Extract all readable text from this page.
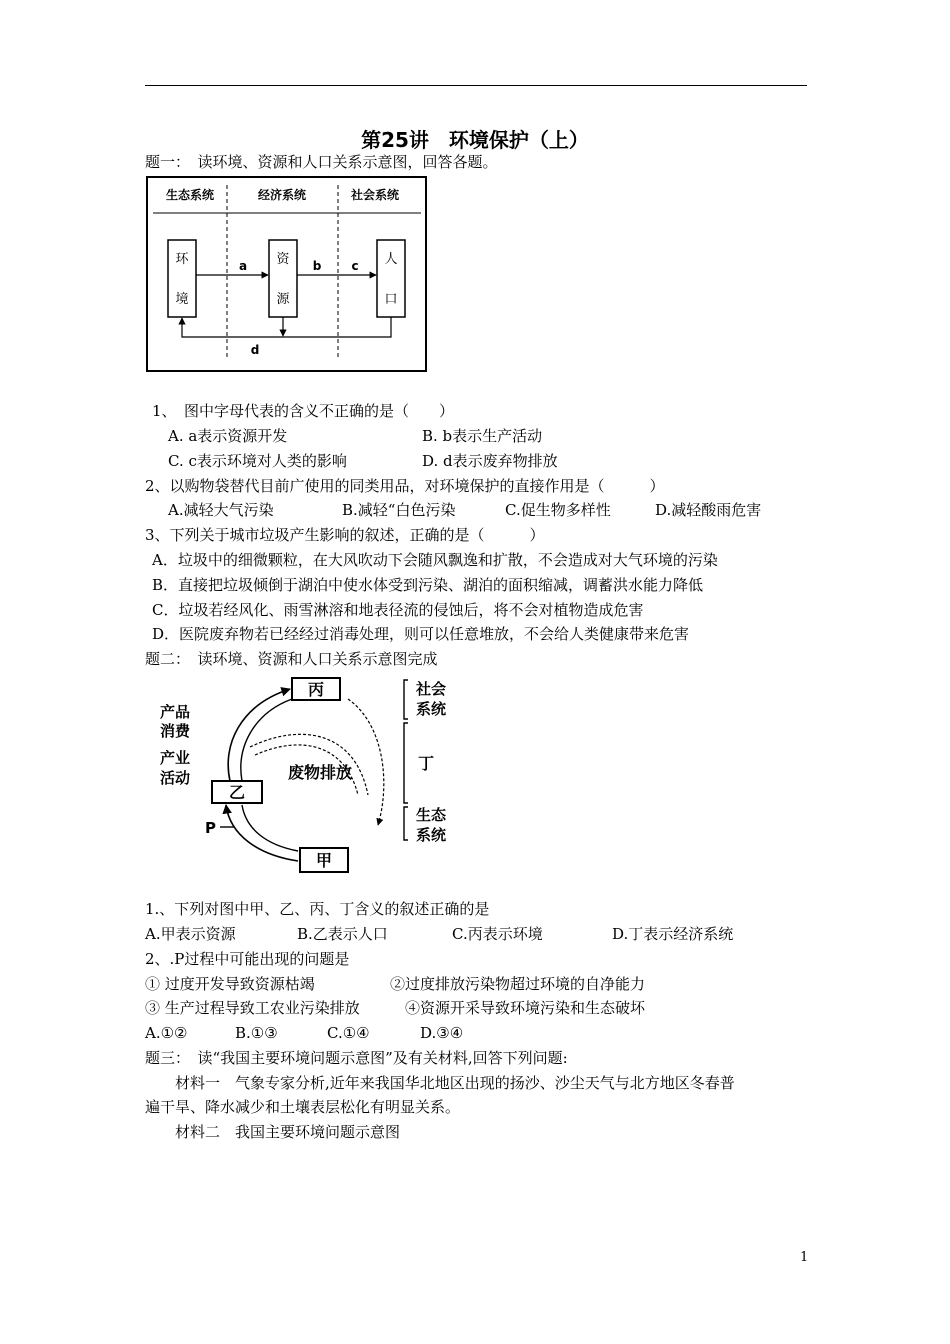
第25讲　环境保护（上）
题一：　读环境、资源和人口关系示意图，回答各题。
生态系统	经济系统	社会系统
环
境
资
源
人
口
a	b	c
d
1、　图中字母代表的含义不正确的是（　　）
A. a表示资源开发	B. b表示生产活动
C. c表示环境对人类的影响	D. d表示废弃物排放
2、以购物袋替代目前广使用的同类用品，对环境保护的直接作用是（　　　）
A.减轻大气污染	B.减轻“白色污染	C.促生物多样性	D.减轻酸雨危害
3、下列关于城市垃圾产生影响的叙述，正确的是（　　　）
A．垃圾中的细微颗粒，在大风吹动下会随风飘逸和扩散，不会造成对大气环境的污染
B．直接把垃圾倾倒于湖泊中使水体受到污染、湖泊的面积缩减，调蓄洪水能力降低
C．垃圾若经风化、雨雪淋溶和地表径流的侵蚀后，将不会对植物造成危害
D．医院废弃物若已经经过消毒处理，则可以任意堆放，不会给人类健康带来危害
题二：　读环境、资源和人口关系示意图完成
丙
乙
甲
P
产品
消费
产业
活动	废物排放
社会
系统
丁
生态
系统
1.、下列对图中甲、乙、丙、丁含义的叙述正确的是
A.甲表示资源	B.乙表示人口	C.丙表示环境	D.丁表示经济系统
2、.P过程中可能出现的问题是
① 过度开发导致资源枯竭	②过度排放污染物超过环境的自净能力
③ 生产过程导致工农业污染排放	④资源开采导致环境污染和生态破坏
A.①②	B.①③	C.①④	D.③④
题三：　读“我国主要环境问题示意图”及有关材料,回答下列问题:
材料一　气象专家分析,近年来我国华北地区出现的扬沙、沙尘天气与北方地区冬春普
遍干旱、降水减少和土壤表层松化有明显关系。
材料二　我国主要环境问题示意图
1
